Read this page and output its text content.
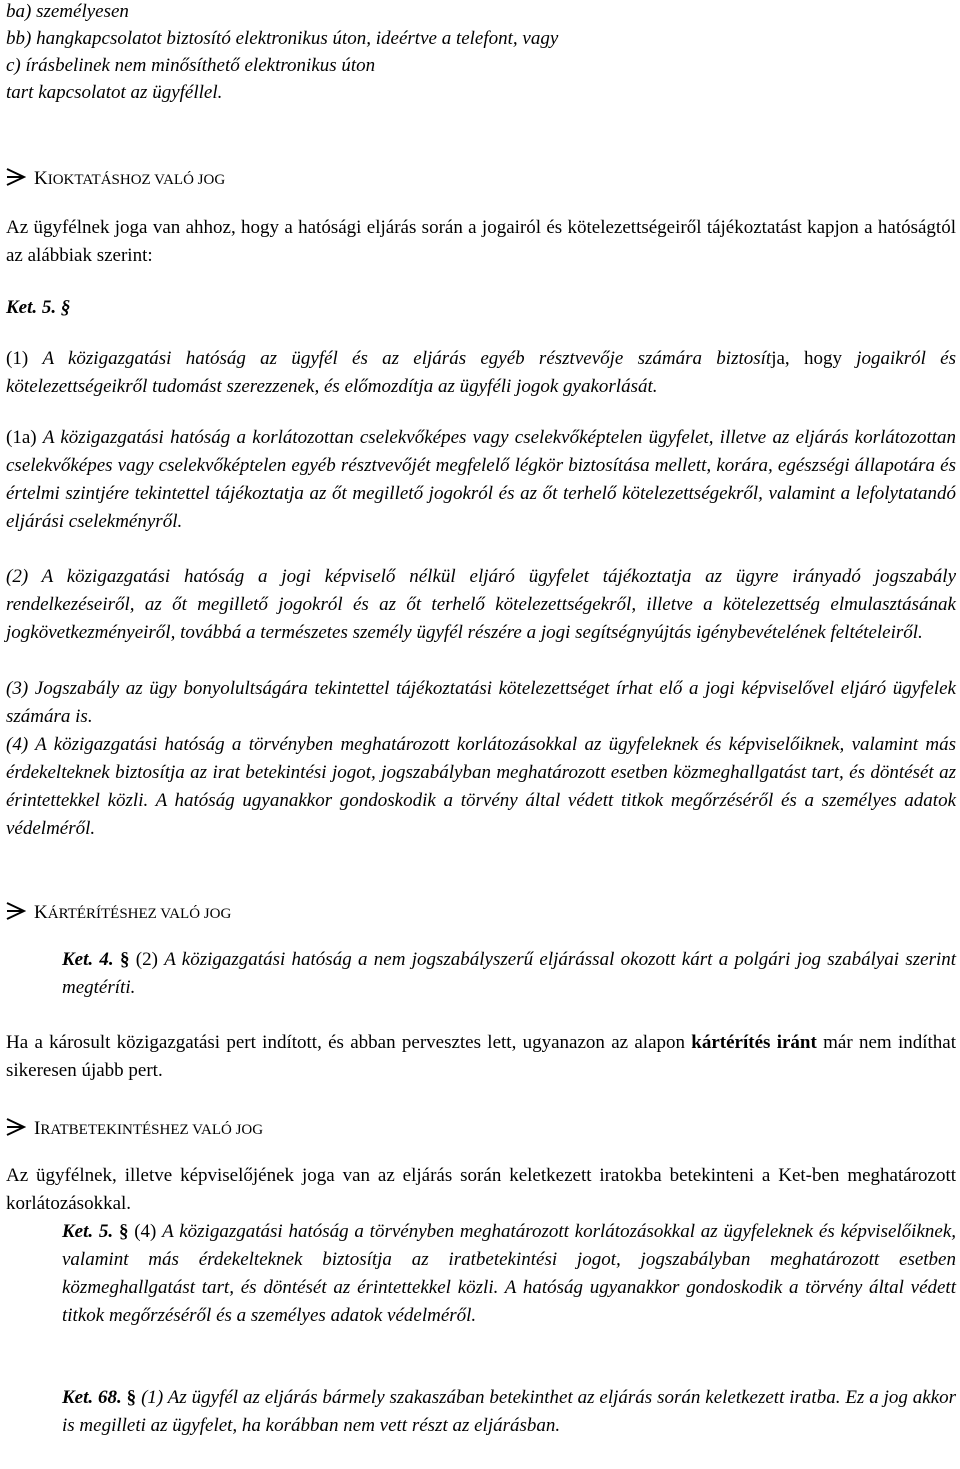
ba) személyesen
bb) hangkapcsolatot biztosító elektronikus úton, ideértve a telefont, vagy
c) írásbelinek nem minősíthető elektronikus úton
tart kapcsolatot az ügyféllel.
KIOKTATÁSHOZ VALÓ JOG
Az ügyfélnek joga van ahhoz, hogy a hatósági eljárás során a jogairól és kötelezettségeiről tájékoztatást kapjon a hatóságtól az alábbiak szerint:
Ket. 5. §
(1) A közigazgatási hatóság az ügyfél és az eljárás egyéb résztvevője számára biztosítja, hogy jogaikról és kötelezettségeikről tudomást szerezzenek, és előmozdítja az ügyféli jogok gyakorlását.
(1a) A közigazgatási hatóság a korlátozottan cselekvőképes vagy cselekvőképtelen ügyfelet, illetve az eljárás korlátozottan cselekvőképes vagy cselekvőképtelen egyéb résztvevőjét megfelelő légkör biztosítása mellett, korára, egészségi állapotára és értelmi szintjére tekintettel tájékoztatja az őt megillető jogokról és az őt terhelő kötelezettségekről, valamint a lefolytatandó eljárási cselekményről.
(2) A közigazgatási hatóság a jogi képviselő nélkül eljáró ügyfelet tájékoztatja az ügyre irányadó jogszabály rendelkezéseiről, az őt megillető jogokról és az őt terhelő kötelezettségekről, illetve a kötelezettség elmulasztásának jogkövetkezményeiről, továbbá a természetes személy ügyfél részére a jogi segítségnyújtás igénybevételének feltételeiről.
(3) Jogszabály az ügy bonyolultságára tekintettel tájékoztatási kötelezettséget írhat elő a jogi képviselővel eljáró ügyfelek számára is.
(4) A közigazgatási hatóság a törvényben meghatározott korlátozásokkal az ügyfeleknek és képviselőiknek, valamint más érdekelteknek biztosítja az irat betekintési jogot, jogszabályban meghatározott esetben közmeghallgatást tart, és döntését az érintettekkel közli. A hatóság ugyanakkor gondoskodik a törvény által védett titkok megőrzéséről és a személyes adatok védelméről.
KÁRTÉRÍTÉSHEZ VALÓ JOG
Ket. 4. § (2) A közigazgatási hatóság a nem jogszabályszerű eljárással okozott kárt a polgári jog szabályai szerint megtéríti.
Ha a károsult közigazgatási pert indított, és abban pervesztes lett, ugyanazon az alapon kártérítés iránt már nem indíthat sikeresen újabb pert.
IRATBETEKINTÉSHEZ VALÓ JOG
Az ügyfélnek, illetve képviselőjének joga van az eljárás során keletkezett iratokba betekinteni a Ket-ben meghatározott korlátozásokkal.
Ket. 5. § (4) A közigazgatási hatóság a törvényben meghatározott korlátozásokkal az ügyfeleknek és képviselőiknek, valamint más érdekelteknek biztosítja az iratbetekintési jogot, jogszabályban meghatározott esetben közmeghallgatást tart, és döntését az érintettekkel közli. A hatóság ugyanakkor gondoskodik a törvény által védett titkok megőrzéséről és a személyes adatok védelméről.
Ket. 68. § (1) Az ügyfél az eljárás bármely szakaszában betekinthet az eljárás során keletkezett iratba. Ez a jog akkor is megilleti az ügyfelet, ha korábban nem vett részt az eljárásban.
